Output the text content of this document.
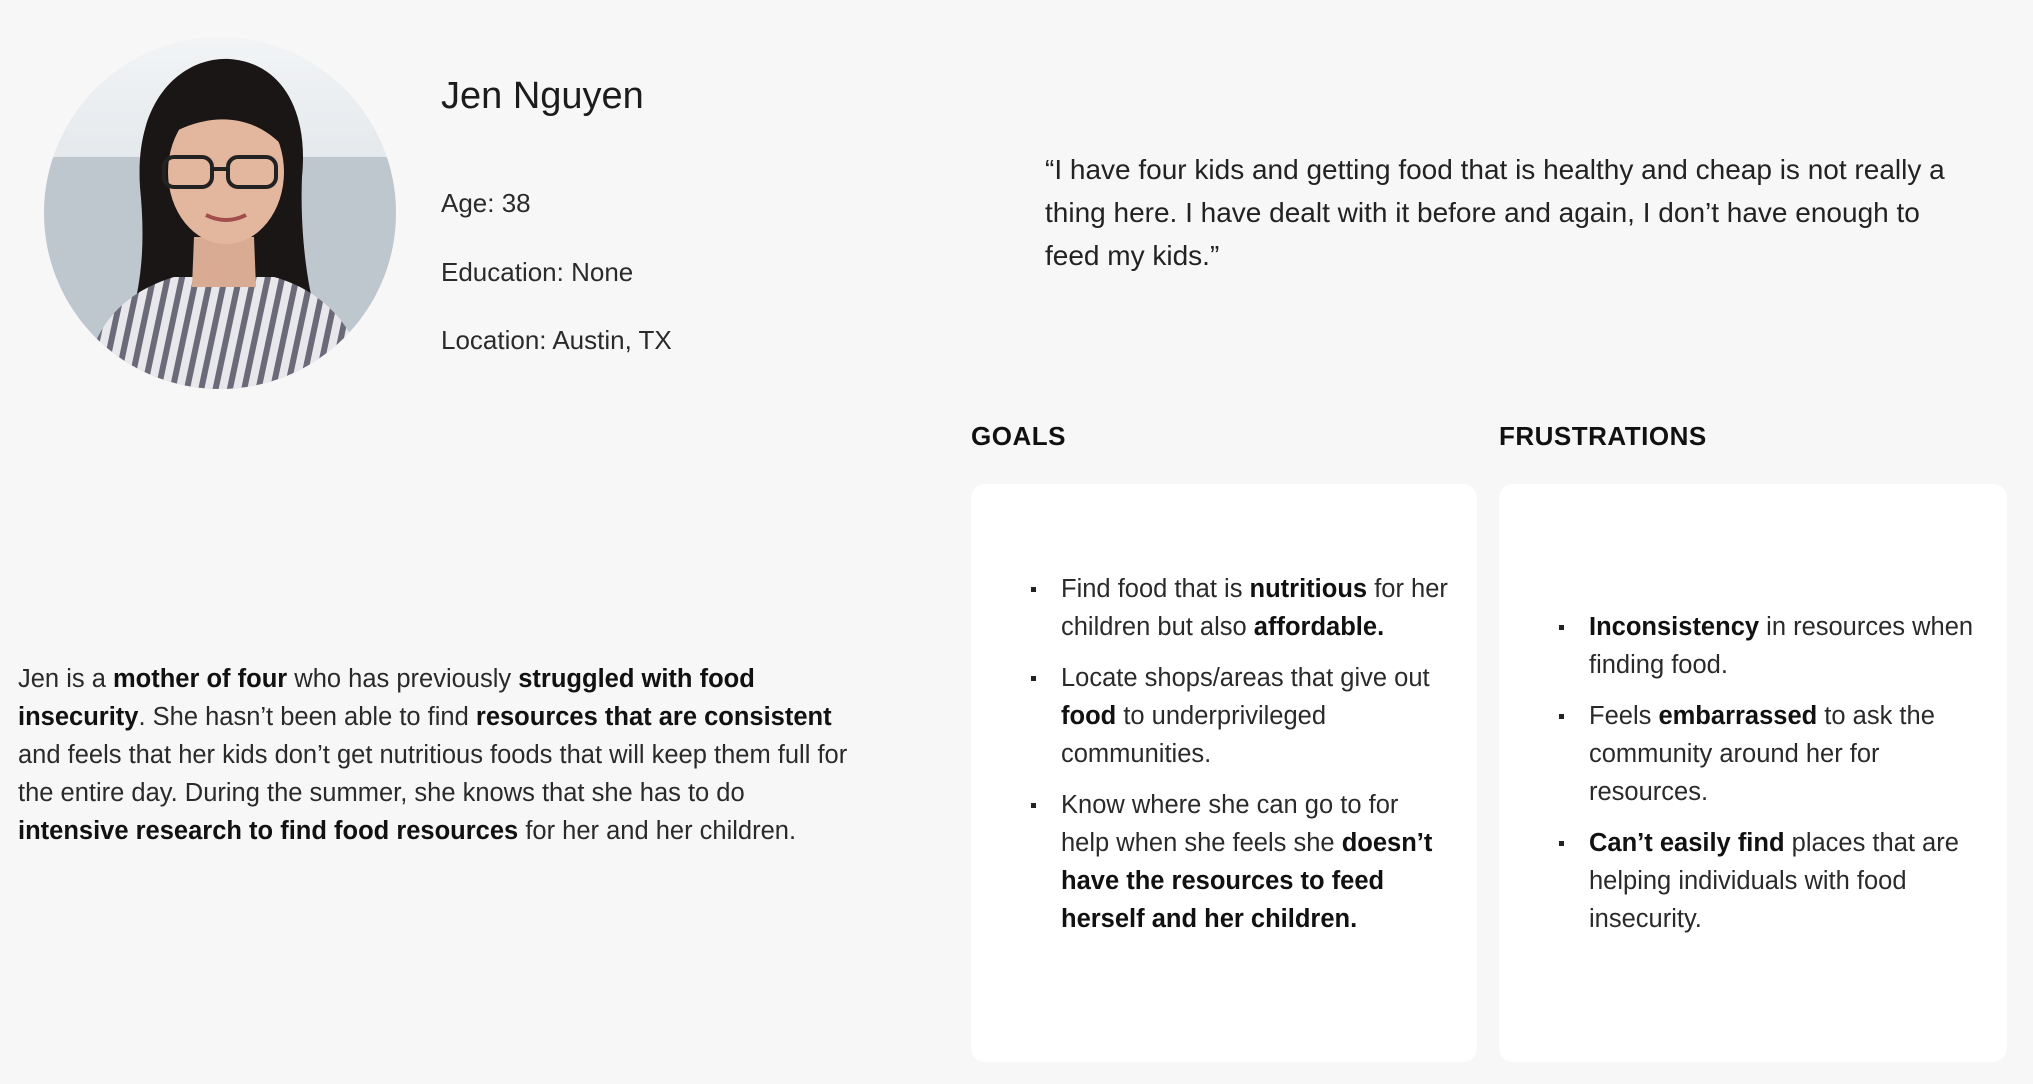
Jen Nguyen
Age: 38
Education: None
Location: Austin, TX
“I have four kids and getting food that is healthy and cheap is not really a thing here. I have dealt with it before and again, I don’t have enough to feed my kids.”
Jen is a mother of four who has previously struggled with food insecurity. She hasn’t been able to find resources that are consistent and feels that her kids don’t get nutritious foods that will keep them full for the entire day. During the summer, she knows that she has to do intensive research to find food resources for her and her children.
GOALS	FRUSTRATIONS
Find food that is nutritious for her children but also affordable.
Locate shops/areas that give out food to underprivileged communities.
Know where she can go to for help when she feels she doesn’t have the resources to feed herself and her children.
Inconsistency in resources when finding food.
Feels embarrassed to ask the community around her for resources.
Can’t easily find places that are helping individuals with food insecurity.
